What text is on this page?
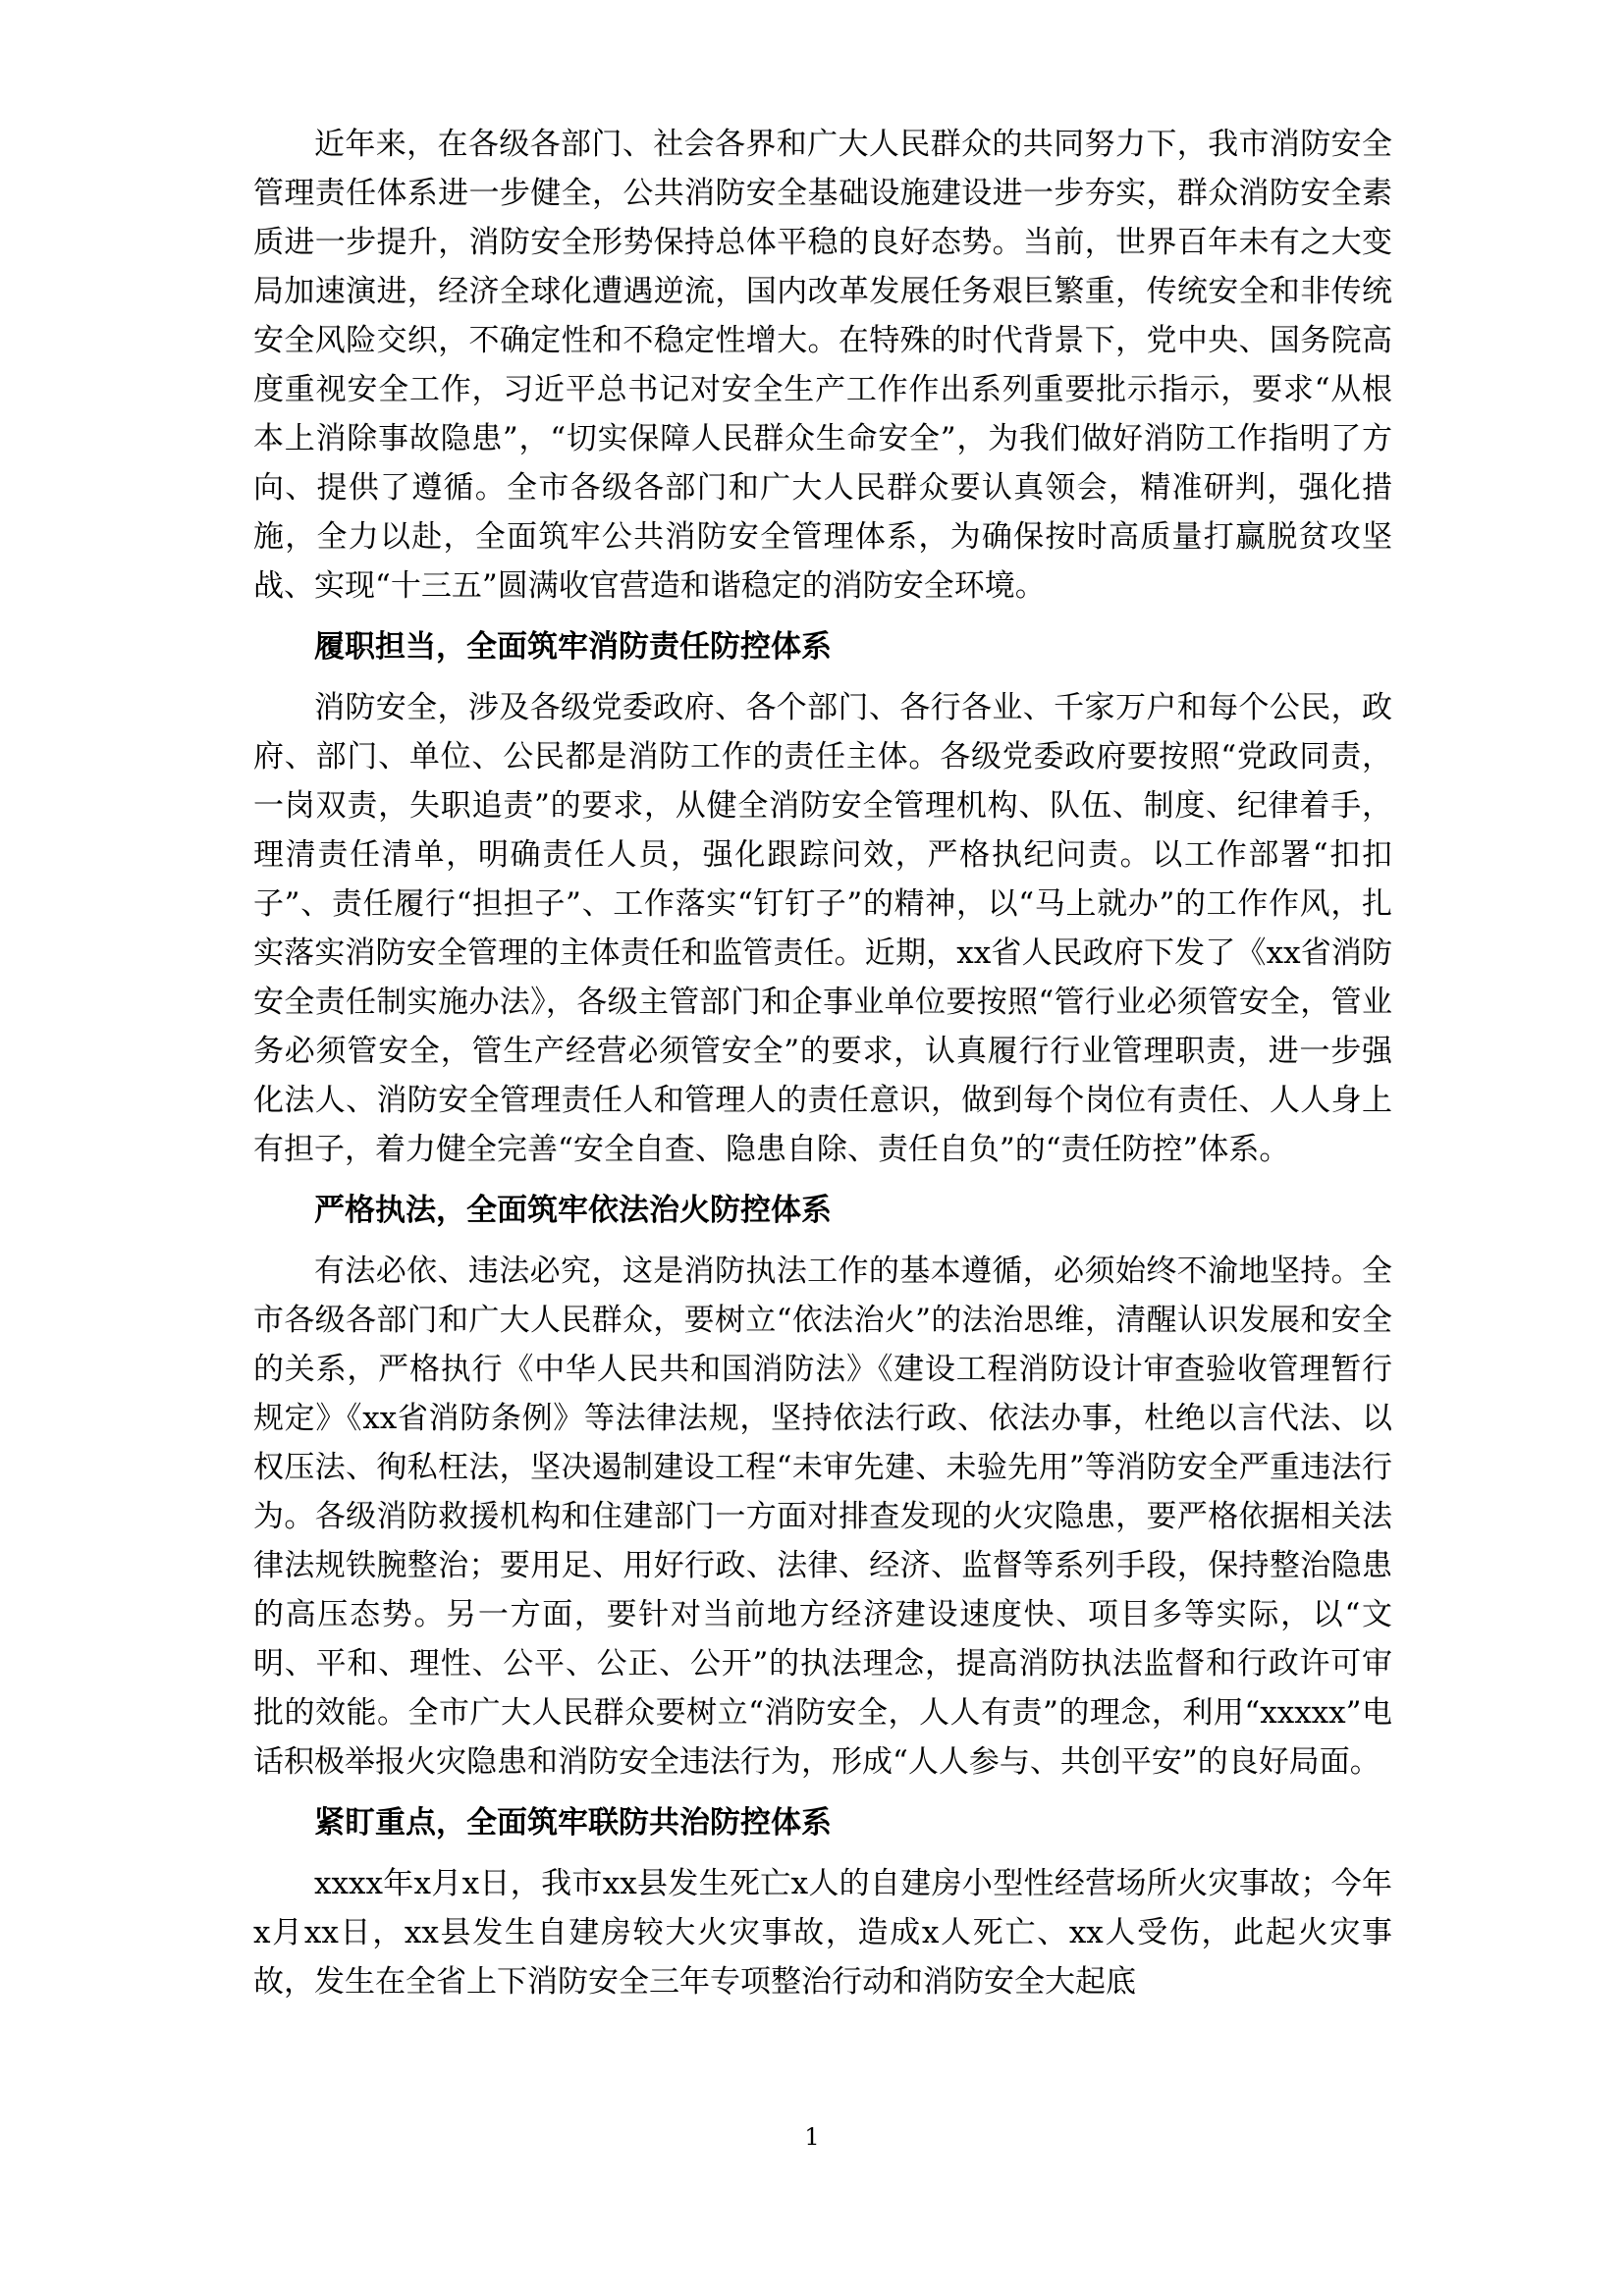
近年来，在各级各部门、社会各界和广大人民群众的共同努力下，我市消防安全管理责任体系进一步健全，公共消防安全基础设施建设进一步夯实，群众消防安全素质进一步提升，消防安全形势保持总体平稳的良好态势。当前，世界百年未有之大变局加速演进，经济全球化遭遇逆流，国内改革发展任务艰巨繁重，传统安全和非传统安全风险交织，不确定性和不稳定性增大。在特殊的时代背景下，党中央、国务院高度重视安全工作，习近平总书记对安全生产工作作出系列重要批示指示，要求“从根本上消除事故隐患”，“切实保障人民群众生命安全”，为我们做好消防工作指明了方向、提供了遵循。全市各级各部门和广大人民群众要认真领会，精准研判，强化措施，全力以赴，全面筑牢公共消防安全管理体系，为确保按时高质量打赢脱贫攻坚战、实现“十三五”圆满收官营造和谐稳定的消防安全环境。

履职担当，全面筑牢消防责任防控体系

消防安全，涉及各级党委政府、各个部门、各行各业、千家万户和每个公民，政府、部门、单位、公民都是消防工作的责任主体。各级党委政府要按照“党政同责，一岗双责，失职追责”的要求，从健全消防安全管理机构、队伍、制度、纪律着手，理清责任清单，明确责任人员，强化跟踪问效，严格执纪问责。以工作部署“扣扣子”、责任履行“担担子”、工作落实“钉钉子”的精神，以“马上就办”的工作作风，扎实落实消防安全管理的主体责任和监管责任。近期，xx省人民政府下发了《xx省消防安全责任制实施办法》，各级主管部门和企事业单位要按照“管行业必须管安全，管业务必须管安全，管生产经营必须管安全”的要求，认真履行行业管理职责，进一步强化法人、消防安全管理责任人和管理人的责任意识，做到每个岗位有责任、人人身上有担子，着力健全完善“安全自查、隐患自除、责任自负”的“责任防控”体系。

严格执法，全面筑牢依法治火防控体系

有法必依、违法必究，这是消防执法工作的基本遵循，必须始终不渝地坚持。全市各级各部门和广大人民群众，要树立“依法治火”的法治思维，清醒认识发展和安全的关系，严格执行《中华人民共和国消防法》《建设工程消防设计审查验收管理暂行规定》《xx省消防条例》等法律法规，坚持依法行政、依法办事，杜绝以言代法、以权压法、徇私枉法，坚决遏制建设工程“未审先建、未验先用”等消防安全严重违法行为。各级消防救援机构和住建部门一方面对排查发现的火灾隐患，要严格依据相关法律法规铁腕整治；要用足、用好行政、法律、经济、监督等系列手段，保持整治隐患的高压态势。另一方面，要针对当前地方经济建设速度快、项目多等实际，以“文明、平和、理性、公平、公正、公开”的执法理念，提高消防执法监督和行政许可审批的效能。全市广大人民群众要树立“消防安全，人人有责”的理念，利用“xxxxx”电话积极举报火灾隐患和消防安全违法行为，形成“人人参与、共创平安”的良好局面。

紧盯重点，全面筑牢联防共治防控体系

xxxx年x月x日，我市xx县发生死亡x人的自建房小型性经营场所火灾事故；今年x月xx日，xx县发生自建房较大火灾事故，造成x人死亡、xx人受伤，此起火灾事故，发生在全省上下消防安全三年专项整治行动和消防安全大起底

1
